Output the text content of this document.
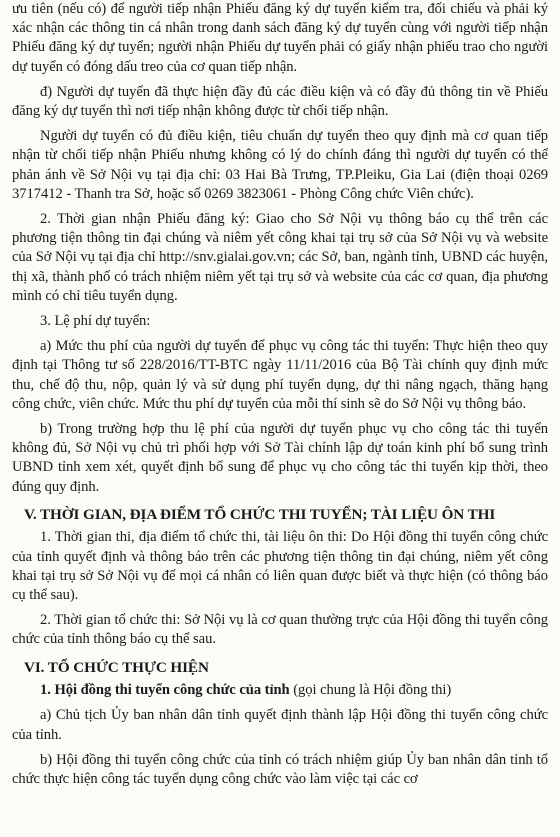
ưu tiên (nếu có) để người tiếp nhận Phiếu đăng ký dự tuyển kiểm tra, đối chiếu và phải ký xác nhận các thông tin cá nhân trong danh sách đăng ký dự tuyển cùng với người tiếp nhận Phiếu đăng ký dự tuyển; người nhận Phiếu dự tuyển phải có giấy nhận phiếu trao cho người dự tuyển có đóng dấu treo của cơ quan tiếp nhận.

đ) Người dự tuyển đã thực hiện đầy đủ các điều kiện và có đầy đủ thông tin về Phiếu đăng ký dự tuyển thì nơi tiếp nhận không được từ chối tiếp nhận.

Người dự tuyển có đủ điều kiện, tiêu chuẩn dự tuyển theo quy định mà cơ quan tiếp nhận từ chối tiếp nhận Phiếu nhưng không có lý do chính đáng thì người dự tuyển có thể phản ánh về Sở Nội vụ tại địa chỉ: 03 Hai Bà Trưng, TP.Pleiku, Gia Lai (điện thoại 0269 3717412 - Thanh tra Sở, hoặc số 0269 3823061 - Phòng Công chức Viên chức).

2. Thời gian nhận Phiếu đăng ký: Giao cho Sở Nội vụ thông báo cụ thể trên các phương tiện thông tin đại chúng và niêm yết công khai tại trụ sở của Sở Nội vụ và website của Sở Nội vụ tại địa chỉ http://snv.gialai.gov.vn; các Sở, ban, ngành tỉnh, UBND các huyện, thị xã, thành phố có trách nhiệm niêm yết tại trụ sở và website của các cơ quan, địa phương mình có chỉ tiêu tuyển dụng.

3. Lệ phí dự tuyển:

a) Mức thu phí của người dự tuyển để phục vụ công tác thi tuyển: Thực hiện theo quy định tại Thông tư số 228/2016/TT-BTC ngày 11/11/2016 của Bộ Tài chính quy định mức thu, chế độ thu, nộp, quản lý và sử dụng phí tuyển dụng, dự thi nâng ngạch, thăng hạng công chức, viên chức. Mức thu phí dự tuyển của mỗi thí sinh sẽ do Sở Nội vụ thông báo.

b) Trong trường hợp thu lệ phí của người dự tuyển phục vụ cho công tác thi tuyển không đủ, Sở Nội vụ chủ trì phối hợp với Sở Tài chính lập dự toán kinh phí bổ sung trình UBND tỉnh xem xét, quyết định bổ sung để phục vụ cho công tác thi tuyển kịp thời, theo đúng quy định.

V. THỜI GIAN, ĐỊA ĐIỂM TỔ CHỨC THI TUYỂN; TÀI LIỆU ÔN THI

1. Thời gian thi, địa điểm tổ chức thi, tài liệu ôn thi: Do Hội đồng thi tuyển công chức của tỉnh quyết định và thông báo trên các phương tiện thông tin đại chúng, niêm yết công khai tại trụ sở Sở Nội vụ để mọi cá nhân có liên quan được biết và thực hiện (có thông báo cụ thể sau).

2. Thời gian tổ chức thi: Sở Nội vụ là cơ quan thường trực của Hội đồng thi tuyển công chức của tỉnh thông báo cụ thể sau.

VI. TỔ CHỨC THỰC HIỆN

1. Hội đồng thi tuyển công chức của tỉnh (gọi chung là Hội đồng thi)

a) Chủ tịch Ủy ban nhân dân tỉnh quyết định thành lập Hội đồng thi tuyển công chức của tỉnh.

b) Hội đồng thi tuyển công chức của tỉnh có trách nhiệm giúp Ủy ban nhân dân tỉnh tổ chức thực hiện công tác tuyển dụng công chức vào làm việc tại các cơ
